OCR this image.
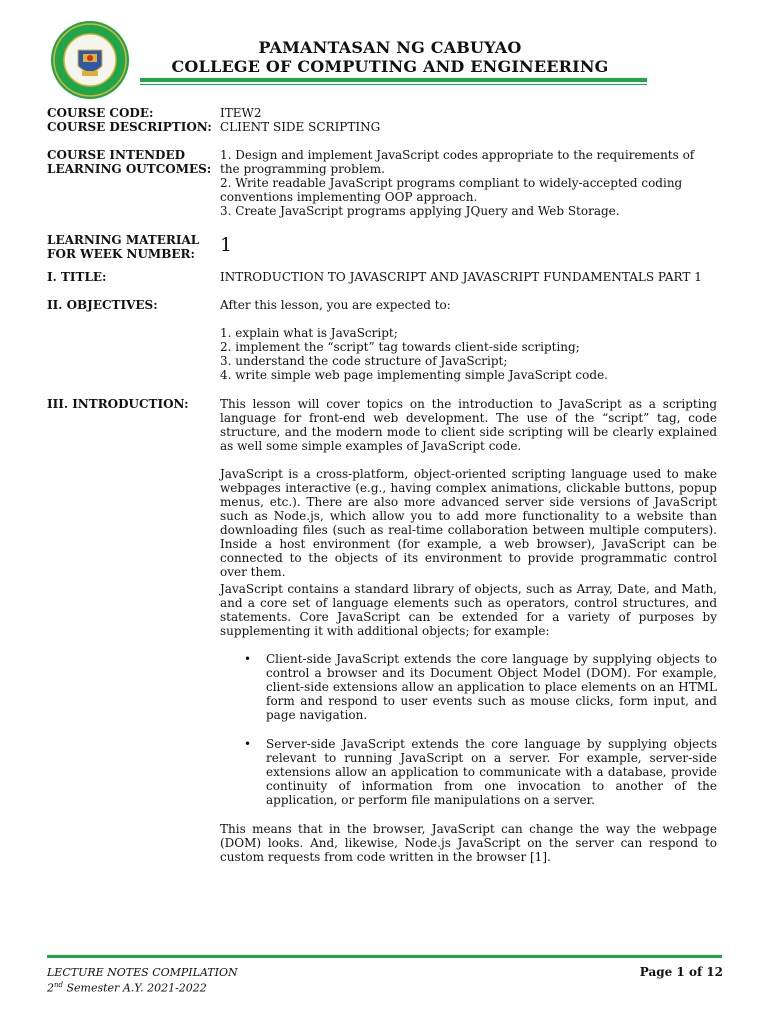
PAMANTASAN NG CABUYAO
COLLEGE OF COMPUTING AND ENGINEERING
COURSE CODE:	ITEW2
COURSE DESCRIPTION: CLIENT SIDE SCRIPTING
COURSE INTENDED
LEARNING OUTCOMES:

1. Design and implement JavaScript codes appropriate to the requirements of the programming problem.

2. Write readable JavaScript programs compliant to widely-accepted coding conventions implementing OOP approach.

3. Create JavaScript programs applying JQuery and Web Storage.

LEARNING MATERIAL
FOR WEEK NUMBER:	1
I. TITLE:	INTRODUCTION TO JAVASCRIPT AND JAVASCRIPT FUNDAMENTALS PART 1
II. OBJECTIVES:	After this lesson, you are expected to:

1. explain what is JavaScript;

2. implement the “script” tag towards client-side scripting;

3. understand the code structure of JavaScript;

4. write simple web page implementing simple JavaScript code.

III. INTRODUCTION:	This lesson will cover topics on the introduction to JavaScript as a scripting language for front-end web development. The use of the “script” tag, code structure, and the modern mode to client side scripting will be clearly explained as well some simple examples of JavaScript code.

JavaScript is a cross-platform, object-oriented scripting language used to make webpages interactive (e.g., having complex animations, clickable buttons, popup menus, etc.). There are also more advanced server side versions of JavaScript such as Node.js, which allow you to add more functionality to a website than downloading files (such as real-time collaboration between multiple computers). Inside a host environment (for example, a web browser), JavaScript can be connected to the objects of its environment to provide programmatic control over them.

JavaScript contains a standard library of objects, such as Array, Date, and Math, and a core set of language elements such as operators, control structures, and statements. Core JavaScript can be extended for a variety of purposes by supplementing it with additional objects; for example:

• Client-side JavaScript extends the core language by supplying objects to control a browser and its Document Object Model (DOM). For example, client-side extensions allow an application to place elements on an HTML form and respond to user events such as mouse clicks, form input, and page navigation.

• Server-side JavaScript extends the core language by supplying objects relevant to running JavaScript on a server. For example, server-side extensions allow an application to communicate with a database, provide continuity of information from one invocation to another of the application, or perform file manipulations on a server.

This means that in the browser, JavaScript can change the way the webpage (DOM) looks. And, likewise, Node.js JavaScript on the server can respond to custom requests from code written in the browser [1].

LECTURE NOTES COMPILATION
2nd Semester A.Y. 2021-2022
Page 1 of 12
